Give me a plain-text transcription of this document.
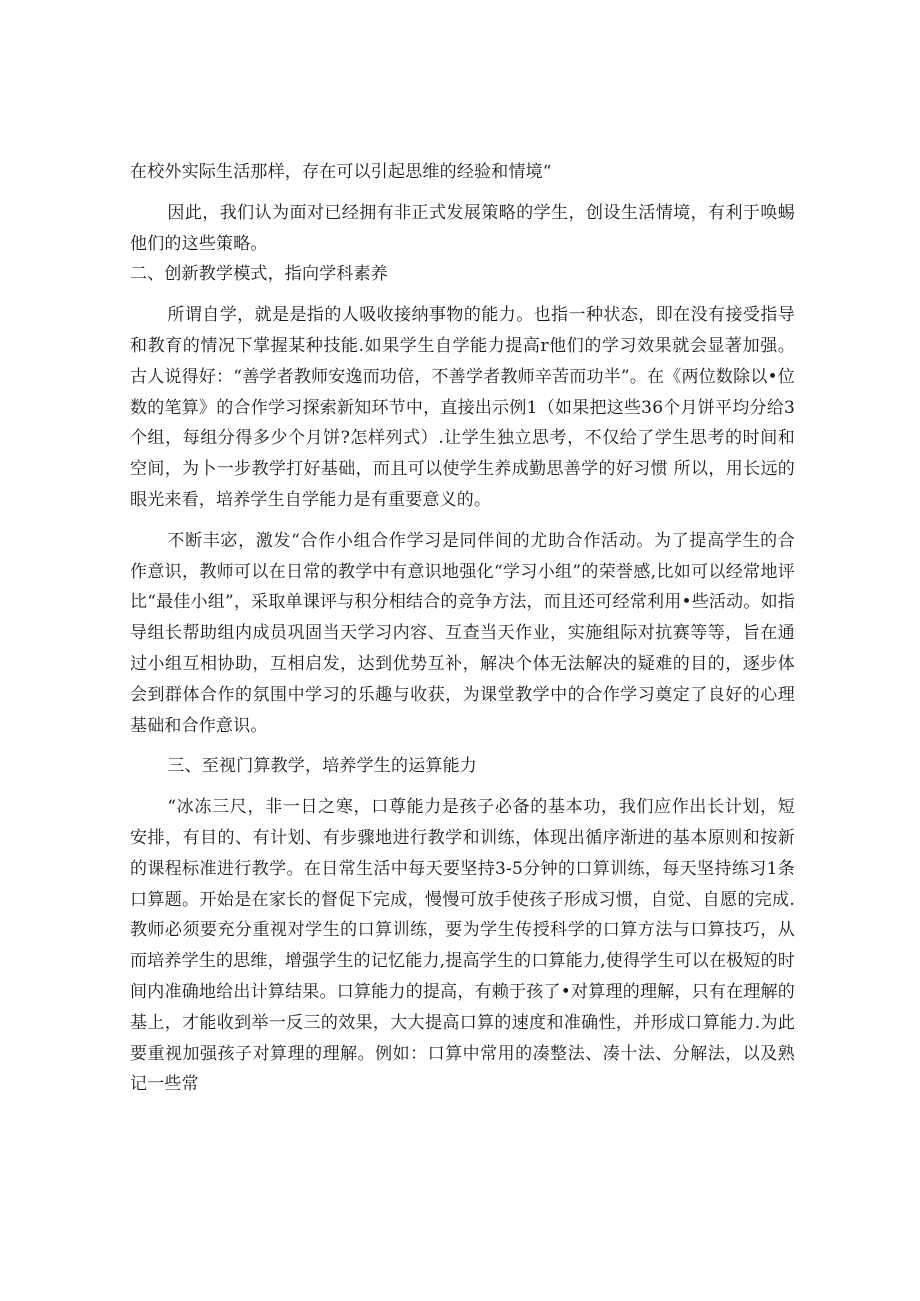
在校外实际生活那样，存在可以引起思维的经验和情境“

因此，我们认为面对已经拥有非正式发展策略的学生，创设生活情境，有利于唤蜴他们的这些策略。

二、创新教学模式，指向学科素养

所谓自学，就是是指的人吸收接纳事物的能力。也指一种状态，即在没有接受指导和教育的情况下掌握某种技能.如果学生自学能力提高r他们的学习效果就会显著加强。古人说得好：“善学者教师安逸而功倍，不善学者教师辛苦而功半”。在《两位数除以•位数的笔算》的合作学习探索新知环节中，直接出示例1（如果把这些36个月饼平均分给3个组，每组分得多少个月饼?怎样列式）.让学生独立思考，不仅给了学生思考的时间和空间，为卜一步教学打好基础，而且可以使学生养成勤思善学的好习惯 所以，用长远的眼光来看，培养学生自学能力是有重要意义的。

不断丰宓，激发“合作小组合作学习是同伴间的尤助合作活动。为了提高学生的合作意识，教师可以在日常的教学中有意识地强化“学习小组”的荣誉感,比如可以经常地评比“最佳小组”，采取单课评与积分相结合的竞争方法，而且还可经常利用•些活动。如指导组长帮助组内成员巩固当天学习内容、互查当天作业，实施组际对抗赛等等，旨在通过小组互相协助，互相启发，达到优势互补，解决个体无法解决的疑难的目的，逐步体会到群体合作的氛围中学习的乐趣与收获，为课堂教学中的合作学习奠定了良好的心理基础和合作意识。

三、至视门算教学，培养学生的运算能力

“冰冻三尺，非一日之寒，口尊能力是孩子必备的基本功，我们应作出长计划，短安排，有目的、有计划、有步骤地进行教学和训练，体现出循序渐进的基本原则和按新的课程标准进行教学。在日常生活中每天要坚持3-5分钟的口算训练，每天坚持练习1条口算题。开始是在家长的督促下完成，慢慢可放手使孩子形成习惯，自觉、自愿的完成.教师必须要充分重视对学生的口算训练，要为学生传授科学的口算方法与口算技巧，从而培养学生的思维，增强学生的记忆能力,提高学生的口算能力,使得学生可以在极短的时间内准确地给出计算结果。口算能力的提高，有赖于孩了•对算理的理解，只有在理解的基上，才能收到举一反三的效果，大大提高口算的速度和准确性，并形成口算能力.为此要重视加强孩子对算理的理解。例如：口算中常用的凑整法、凑十法、分解法，以及熟记一些常
